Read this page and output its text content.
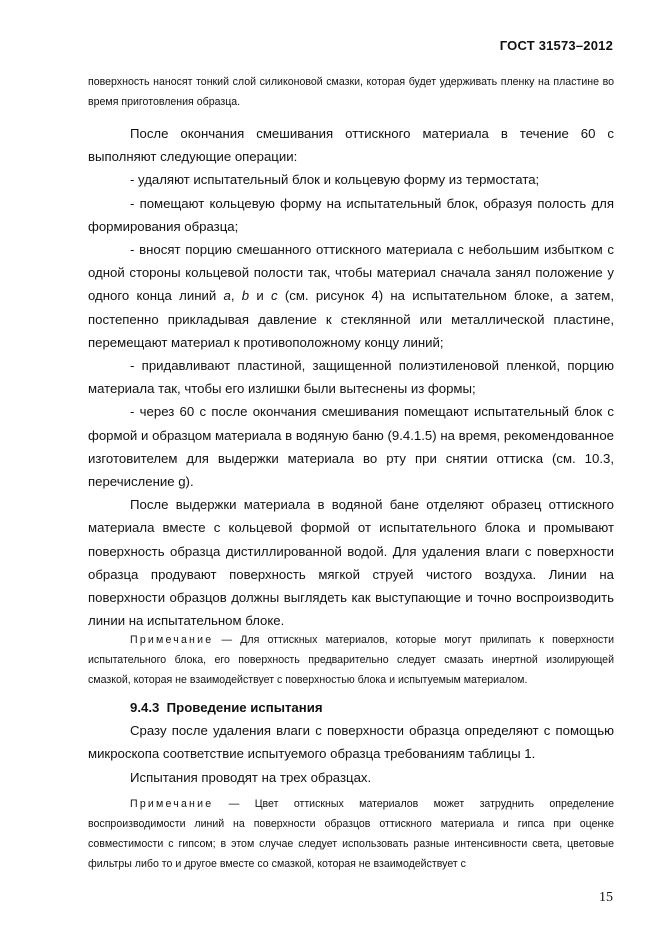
ГОСТ 31573–2012

поверхность наносят тонкий слой силиконовой смазки, которая будет удерживать пленку на пластине во время приготовления образца.

После окончания смешивания оттискного материала в течение 60 с выполняют следующие операции:

- удаляют испытательный блок и кольцевую форму из термостата;

- помещают кольцевую форму на испытательный блок, образуя полость для формирования образца;

- вносят порцию смешанного оттискного материала с небольшим избытком с одной стороны кольцевой полости так, чтобы материал сначала занял положение у одного конца линий a, b и c (см. рисунок 4) на испытательном блоке, а затем, постепенно прикладывая давление к стеклянной или металлической пластине, перемещают материал к противоположному концу линий;

- придавливают пластиной, защищенной полиэтиленовой пленкой, порцию материала так, чтобы его излишки были вытеснены из формы;

- через 60 с после окончания смешивания помещают испытательный блок с формой и образцом материала в водяную баню (9.4.1.5) на время, рекомендованное изготовителем для выдержки материала во рту при снятии оттиска (см. 10.3, перечисление g).

После выдержки материала в водяной бане отделяют образец оттискного материала вместе с кольцевой формой от испытательного блока и промывают поверхность образца дистиллированной водой. Для удаления влаги с поверхности образца продувают поверхность мягкой струей чистого воздуха. Линии на поверхности образцов должны выглядеть как выступающие и точно воспроизводить линии на испытательном блоке.

Примечание — Для оттискных материалов, которые могут прилипать к поверхности испытательного блока, его поверхность предварительно следует смазать инертной изолирующей смазкой, которая не взаимодействует с поверхностью блока и испытуемым материалом.

9.4.3 Проведение испытания

Сразу после удаления влаги с поверхности образца определяют с помощью микроскопа соответствие испытуемого образца требованиям таблицы 1.

Испытания проводят на трех образцах.

Примечание — Цвет оттискных материалов может затруднить определение воспроизводимости линий на поверхности образцов оттискного материала и гипса при оценке совместимости с гипсом; в этом случае следует использовать разные интенсивности света, цветовые фильтры либо то и другое вместе со смазкой, которая не взаимодействует с

15
